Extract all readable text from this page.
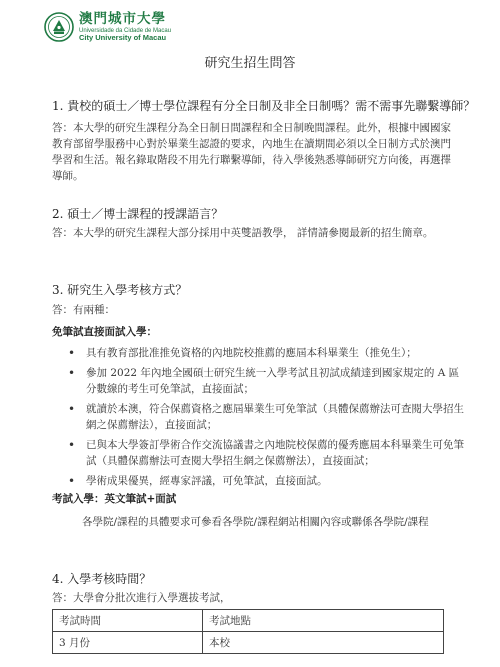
澳門城市大學
Universidade da Cidade de Macau
City University of Macau
研究生招生問答
1. 貴校的碩士／博士學位課程有分全日制及非全日制嗎？需不需事先聯繫導師？
答：本大學的研究生課程分為全日制日間課程和全日制晚間課程。此外，根據中國國家教育部留學服務中心對於畢業生認證的要求，內地生在讀期間必須以全日制方式於澳門學習和生活。報名錄取階段不用先行聯繫導師，待入學後熟悉導師研究方向後，再選擇導師。
2. 碩士／博士課程的授課語言？
答：本大學的研究生課程大部分採用中英雙語教學， 詳情請參閱最新的招生簡章。
3. 研究生入學考核方式？
答：有兩種：
免筆試直接面試入學：
• 具有教育部批准推免資格的內地院校推薦的應屆本科畢業生（推免生）；
• 參加 2022 年內地全國碩士研究生統一入學考試且初試成績達到國家規定的 A 區分數線的考生可免筆試，直接面試；
• 就讀於本澳，符合保薦資格之應屆畢業生可免筆試（具體保薦辦法可查閱大學招生網之保薦辦法），直接面試；
• 已與本大學簽訂學術合作交流協議書之內地院校保薦的優秀應屆本科畢業生可免筆試（具體保薦辦法可查閱大學招生網之保薦辦法），直接面試；
• 學術成果優異，經專家評議，可免筆試，直接面試。
考試入學：英文筆試+面試
各學院/課程的具體要求可參看各學院/課程網站相關內容或聯係各學院/課程
4. 入學考核時間？
答：大學會分批次進行入學選拔考試，
考試時間	考試地點
3 月份	本校
